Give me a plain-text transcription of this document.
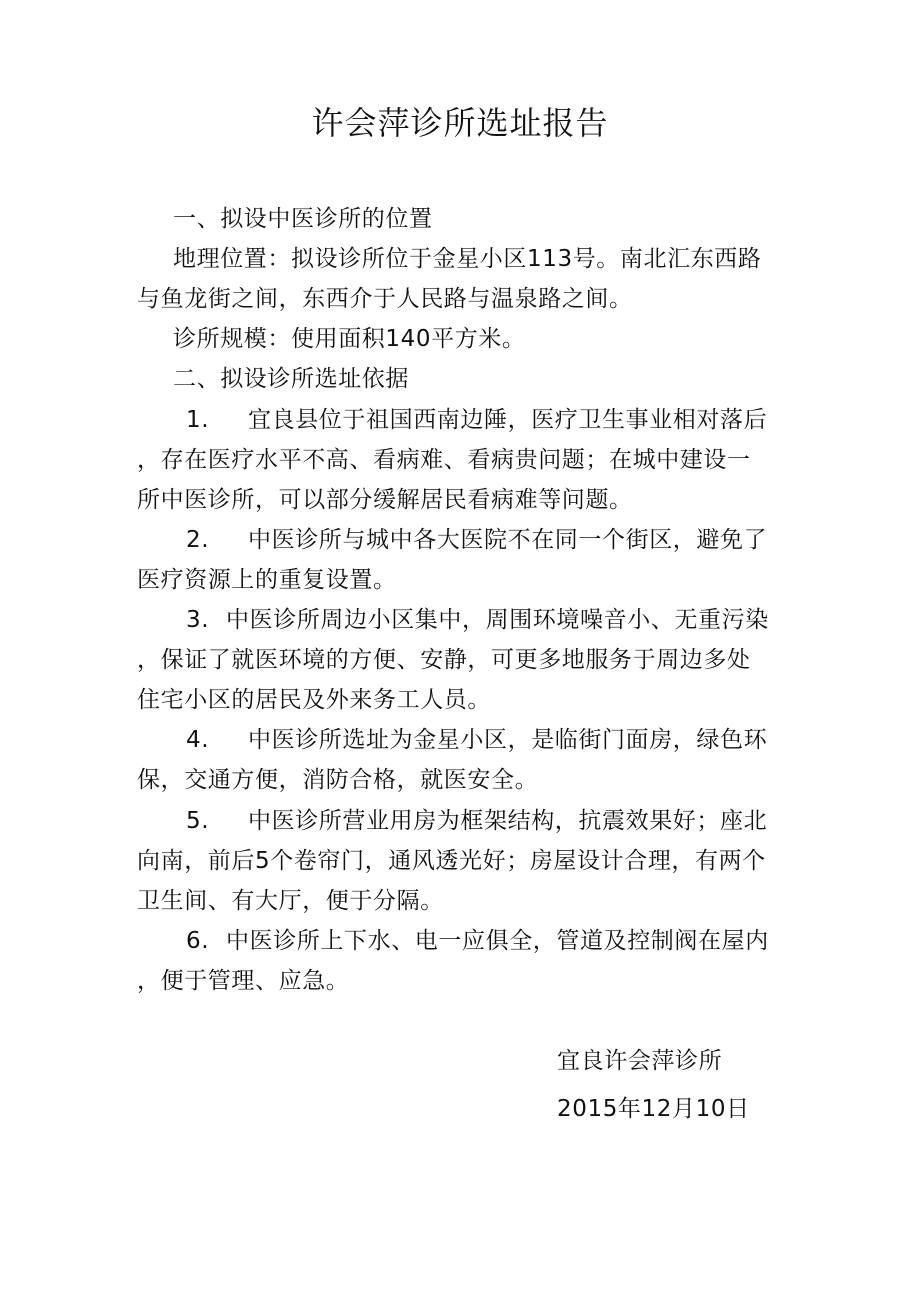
许会萍诊所选址报告
一、拟设中医诊所的位置
地理位置：拟设诊所位于金星小区113号。南北汇东西路
与鱼龙街之间，东西介于人民路与温泉路之间。
诊所规模：使用面积140平方米。
二、拟设诊所选址依据
1. 宜良县位于祖国西南边陲，医疗卫生事业相对落后
，存在医疗水平不高、看病难、看病贵问题；在城中建设一
所中医诊所，可以部分缓解居民看病难等问题。
2. 中医诊所与城中各大医院不在同一个街区，避免了
医疗资源上的重复设置。
3. 中医诊所周边小区集中，周围环境噪音小、无重污染
，保证了就医环境的方便、安静，可更多地服务于周边多处
住宅小区的居民及外来务工人员。
4. 中医诊所选址为金星小区，是临街门面房，绿色环
保，交通方便，消防合格，就医安全。
5. 中医诊所营业用房为框架结构，抗震效果好；座北
向南，前后5个卷帘门，通风透光好；房屋设计合理，有两个
卫生间、有大厅，便于分隔。
6. 中医诊所上下水、电一应俱全，管道及控制阀在屋内
，便于管理、应急。
宜良许会萍诊所
2015年12月10日
